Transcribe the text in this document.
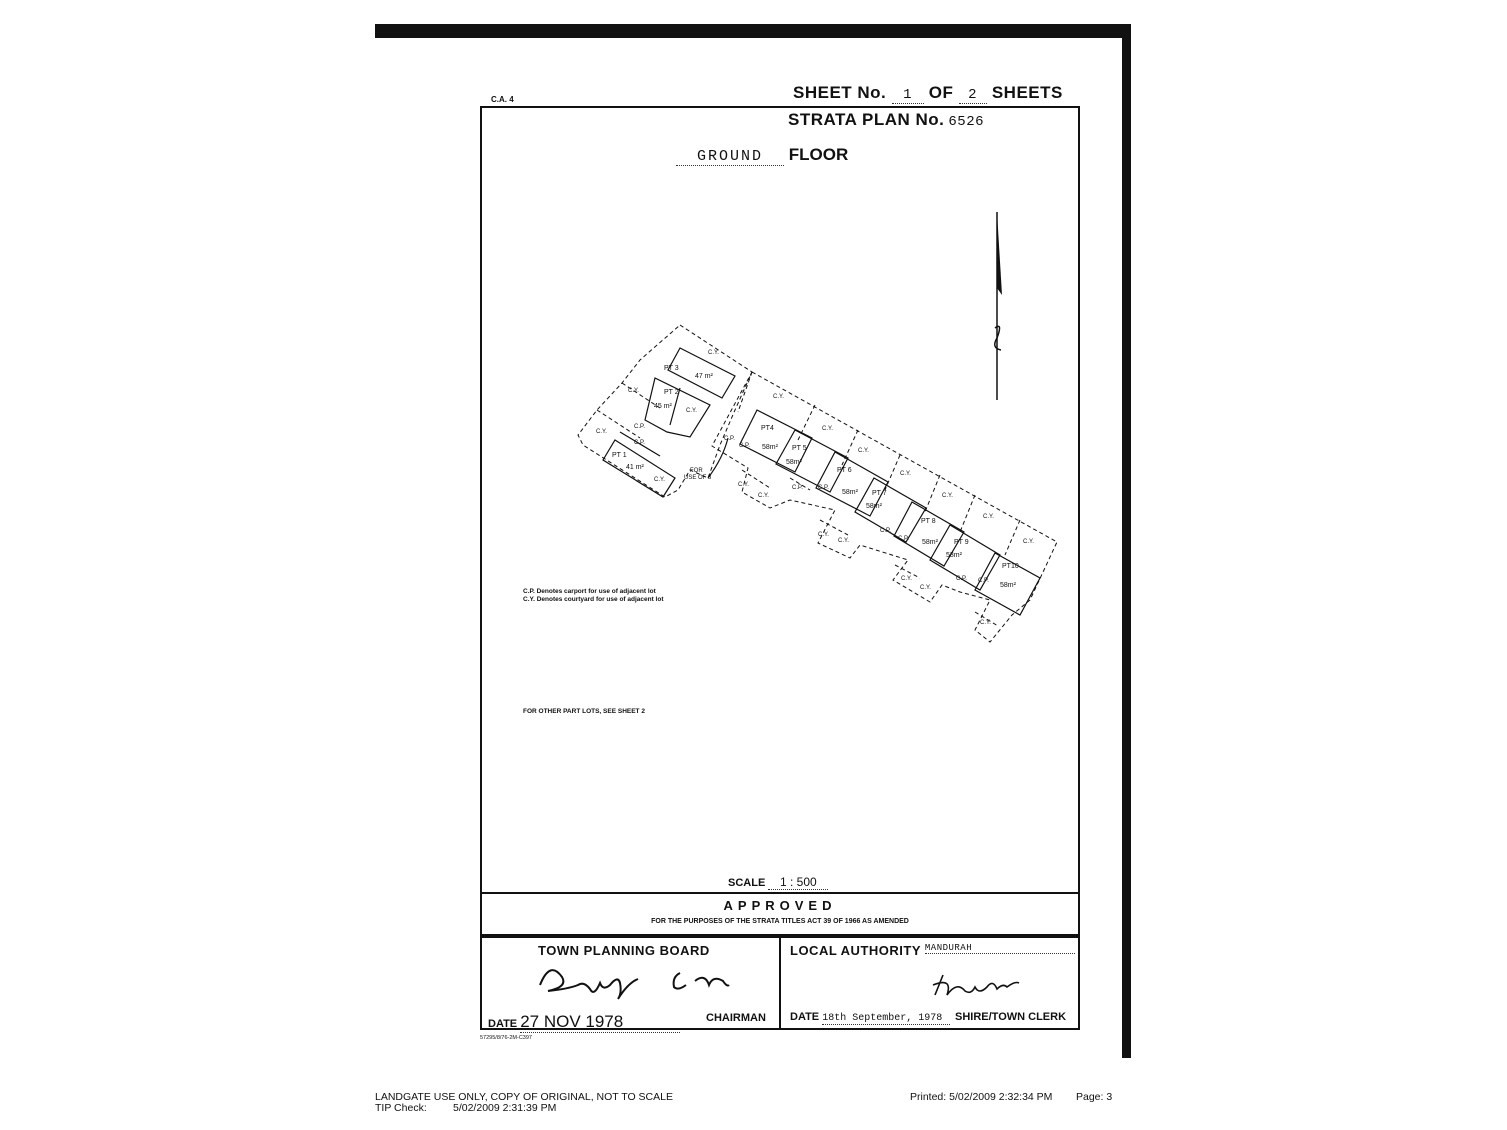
SHEET No. 1 OF 2 SHEETS
C.A. 4
STRATA PLAN No. 6526
GROUND FLOOR
PT 3
47 m²
PT 2
45 m²
PT 1
41 m²
PT4
58m² PT 5
58m²
PT 6
58m² PT 7
58m²
PT 8
58m² PT 9
58m²
PT10
58m²
C.Y.
C.Y.
C.Y.
C.Y.
C.Y.
C.Y.
C.Y.
C.Y.
C.Y.
C.Y.
C.Y.
C.Y.
C.Y.
C.Y.
C.Y.
C.Y.
C.Y.
C.Y.
C.Y.
C.P.
C.P.
C.P.
C.P.
C.P.	C.P.
C.P.
C.P.
C.P. C.P.
FOR
USE OF 3
C.P. Denotes carport for use of adjacent lot
C.Y. Denotes courtyard for use of adjacent lot
FOR OTHER PART LOTS, SEE SHEET 2
SCALE 1 : 500
APPROVED
FOR THE PURPOSES OF THE STRATA TITLES ACT 39 OF 1966 AS AMENDED
TOWN PLANNING BOARD	LOCAL AUTHORITY MANDURAH
DATE 27 NOV 1978	CHAIRMAN DATE 18th September, 1978	SHIRE/TOWN CLERK
57295/8/76-2M-C397
LANDGATE USE ONLY, COPY OF ORIGINAL, NOT TO SCALE
TIP Check:         5/02/2009 2:31:39 PM
Printed: 5/02/2009 2:32:34 PM Page: 3
